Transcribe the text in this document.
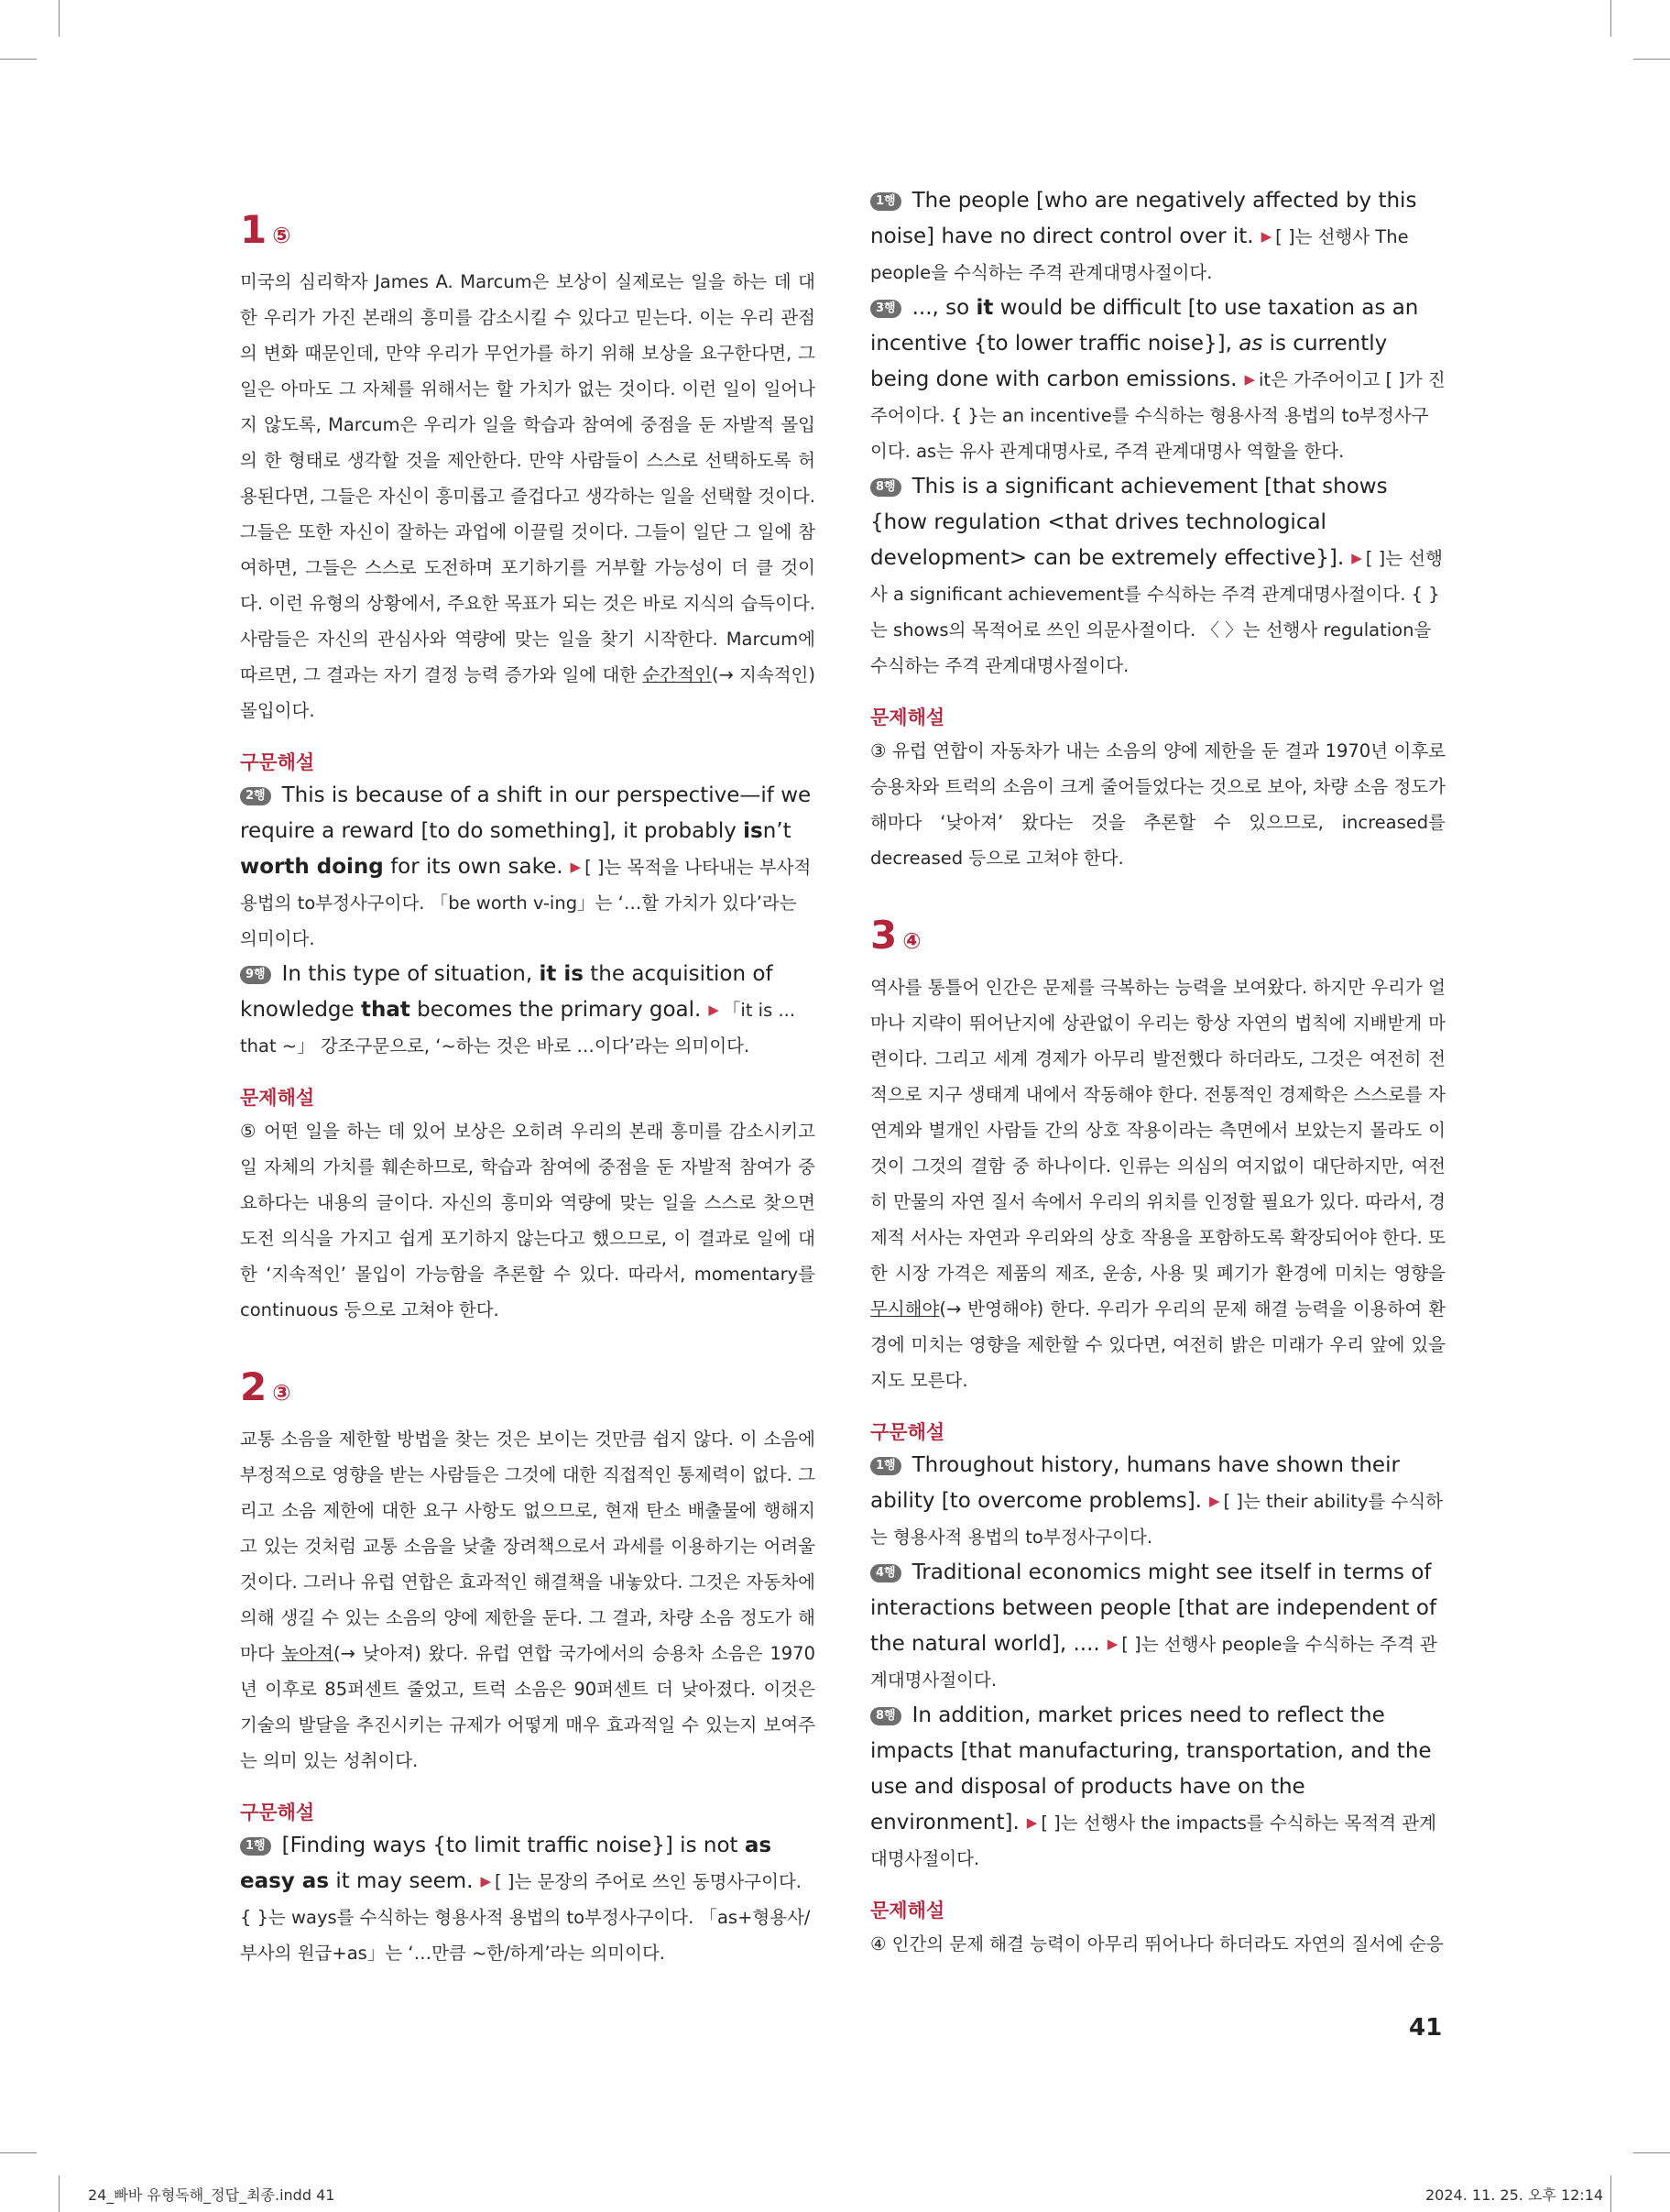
1 ⑤
미국의 심리학자 James A. Marcum은 보상이 실제로는 일을 하는 데 대한 우리가 가진 본래의 흥미를 감소시킬 수 있다고 믿는다. 이는 우리 관점의 변화 때문인데, 만약 우리가 무언가를 하기 위해 보상을 요구한다면, 그 일은 아마도 그 자체를 위해서는 할 가치가 없는 것이다. 이런 일이 일어나지 않도록, Marcum은 우리가 일을 학습과 참여에 중점을 둔 자발적 몰입의 한 형태로 생각할 것을 제안한다. 만약 사람들이 스스로 선택하도록 허용된다면, 그들은 자신이 흥미롭고 즐겁다고 생각하는 일을 선택할 것이다. 그들은 또한 자신이 잘하는 과업에 이끌릴 것이다. 그들이 일단 그 일에 참여하면, 그들은 스스로 도전하며 포기하기를 거부할 가능성이 더 클 것이다. 이런 유형의 상황에서, 주요한 목표가 되는 것은 바로 지식의 습득이다. 사람들은 자신의 관심사와 역량에 맞는 일을 찾기 시작한다. Marcum에 따르면, 그 결과는 자기 결정 능력 증가와 일에 대한 순간적인(→ 지속적인) 몰입이다.
구문해설
2행 This is because of a shift in our perspective—if we require a reward [to do something], it probably isn’t worth doing for its own sake. ▶ [ ]는 목적을 나타내는 부사적 용법의 to부정사구이다. 「be worth v-ing」는 ‘…할 가치가 있다’라는 의미이다.
9행 In this type of situation, it is the acquisition of knowledge that becomes the primary goal. ▶ 「it is ... that ~」 강조구문으로, ‘~하는 것은 바로 …이다’라는 의미이다.
문제해설
⑤ 어떤 일을 하는 데 있어 보상은 오히려 우리의 본래 흥미를 감소시키고 일 자체의 가치를 훼손하므로, 학습과 참여에 중점을 둔 자발적 참여가 중요하다는 내용의 글이다. 자신의 흥미와 역량에 맞는 일을 스스로 찾으면 도전 의식을 가지고 쉽게 포기하지 않는다고 했으므로, 이 결과로 일에 대한 ‘지속적인’ 몰입이 가능함을 추론할 수 있다. 따라서, momentary를 continuous 등으로 고쳐야 한다.
2 ③
교통 소음을 제한할 방법을 찾는 것은 보이는 것만큼 쉽지 않다. 이 소음에 부정적으로 영향을 받는 사람들은 그것에 대한 직접적인 통제력이 없다. 그리고 소음 제한에 대한 요구 사항도 없으므로, 현재 탄소 배출물에 행해지고 있는 것처럼 교통 소음을 낮출 장려책으로서 과세를 이용하기는 어려울 것이다. 그러나 유럽 연합은 효과적인 해결책을 내놓았다. 그것은 자동차에 의해 생길 수 있는 소음의 양에 제한을 둔다. 그 결과, 차량 소음 정도가 해마다 높아져(→ 낮아져) 왔다. 유럽 연합 국가에서의 승용차 소음은 1970년 이후로 85퍼센트 줄었고, 트럭 소음은 90퍼센트 더 낮아졌다. 이것은 기술의 발달을 추진시키는 규제가 어떻게 매우 효과적일 수 있는지 보여주는 의미 있는 성취이다.
구문해설
1행 [Finding ways {to limit traffic noise}] is not as easy as it may seem. ▶ [ ]는 문장의 주어로 쓰인 동명사구이다. { }는 ways를 수식하는 형용사적 용법의 to부정사구이다. 「as+형용사/부사의 원급+as」는 ‘…만큼 ~한/하게’라는 의미이다.
1행 The people [who are negatively affected by this noise] have no direct control over it. ▶ [ ]는 선행사 The people을 수식하는 주격 관계대명사절이다.
3행 ..., so it would be difficult [to use taxation as an incentive {to lower traffic noise}], as is currently being done with carbon emissions. ▶ it은 가주어이고 [ ]가 진주어이다. { }는 an incentive를 수식하는 형용사적 용법의 to부정사구이다. as는 유사 관계대명사로, 주격 관계대명사 역할을 한다.
8행 This is a significant achievement [that shows {how regulation <that drives technological development> can be extremely effective}]. ▶ [ ]는 선행사 a significant achievement를 수식하는 주격 관계대명사절이다. { }는 shows의 목적어로 쓰인 의문사절이다. 〈 〉는 선행사 regulation을 수식하는 주격 관계대명사절이다.
문제해설
③ 유럽 연합이 자동차가 내는 소음의 양에 제한을 둔 결과 1970년 이후로 승용차와 트럭의 소음이 크게 줄어들었다는 것으로 보아, 차량 소음 정도가 해마다 ‘낮아져’ 왔다는 것을 추론할 수 있으므로, increased를 decreased 등으로 고쳐야 한다.
3 ④
역사를 통틀어 인간은 문제를 극복하는 능력을 보여왔다. 하지만 우리가 얼마나 지략이 뛰어난지에 상관없이 우리는 항상 자연의 법칙에 지배받게 마련이다. 그리고 세계 경제가 아무리 발전했다 하더라도, 그것은 여전히 전적으로 지구 생태계 내에서 작동해야 한다. 전통적인 경제학은 스스로를 자연계와 별개인 사람들 간의 상호 작용이라는 측면에서 보았는지 몰라도 이것이 그것의 결함 중 하나이다. 인류는 의심의 여지없이 대단하지만, 여전히 만물의 자연 질서 속에서 우리의 위치를 인정할 필요가 있다. 따라서, 경제적 서사는 자연과 우리와의 상호 작용을 포함하도록 확장되어야 한다. 또한 시장 가격은 제품의 제조, 운송, 사용 및 폐기가 환경에 미치는 영향을 무시해야(→ 반영해야) 한다. 우리가 우리의 문제 해결 능력을 이용하여 환경에 미치는 영향을 제한할 수 있다면, 여전히 밝은 미래가 우리 앞에 있을지도 모른다.
구문해설
1행 Throughout history, humans have shown their ability [to overcome problems]. ▶ [ ]는 their ability를 수식하는 형용사적 용법의 to부정사구이다.
4행 Traditional economics might see itself in terms of interactions between people [that are independent of the natural world], .... ▶ [ ]는 선행사 people을 수식하는 주격 관계대명사절이다.
8행 In addition, market prices need to reflect the impacts [that manufacturing, transportation, and the use and disposal of products have on the environment]. ▶ [ ]는 선행사 the impacts를 수식하는 목적격 관계대명사절이다.
문제해설
④ 인간의 문제 해결 능력이 아무리 뛰어나다 하더라도 자연의 질서에 순응
41
24_빠바 유형독해_정답_최종.indd 41	2024. 11. 25. 오후 12:14
